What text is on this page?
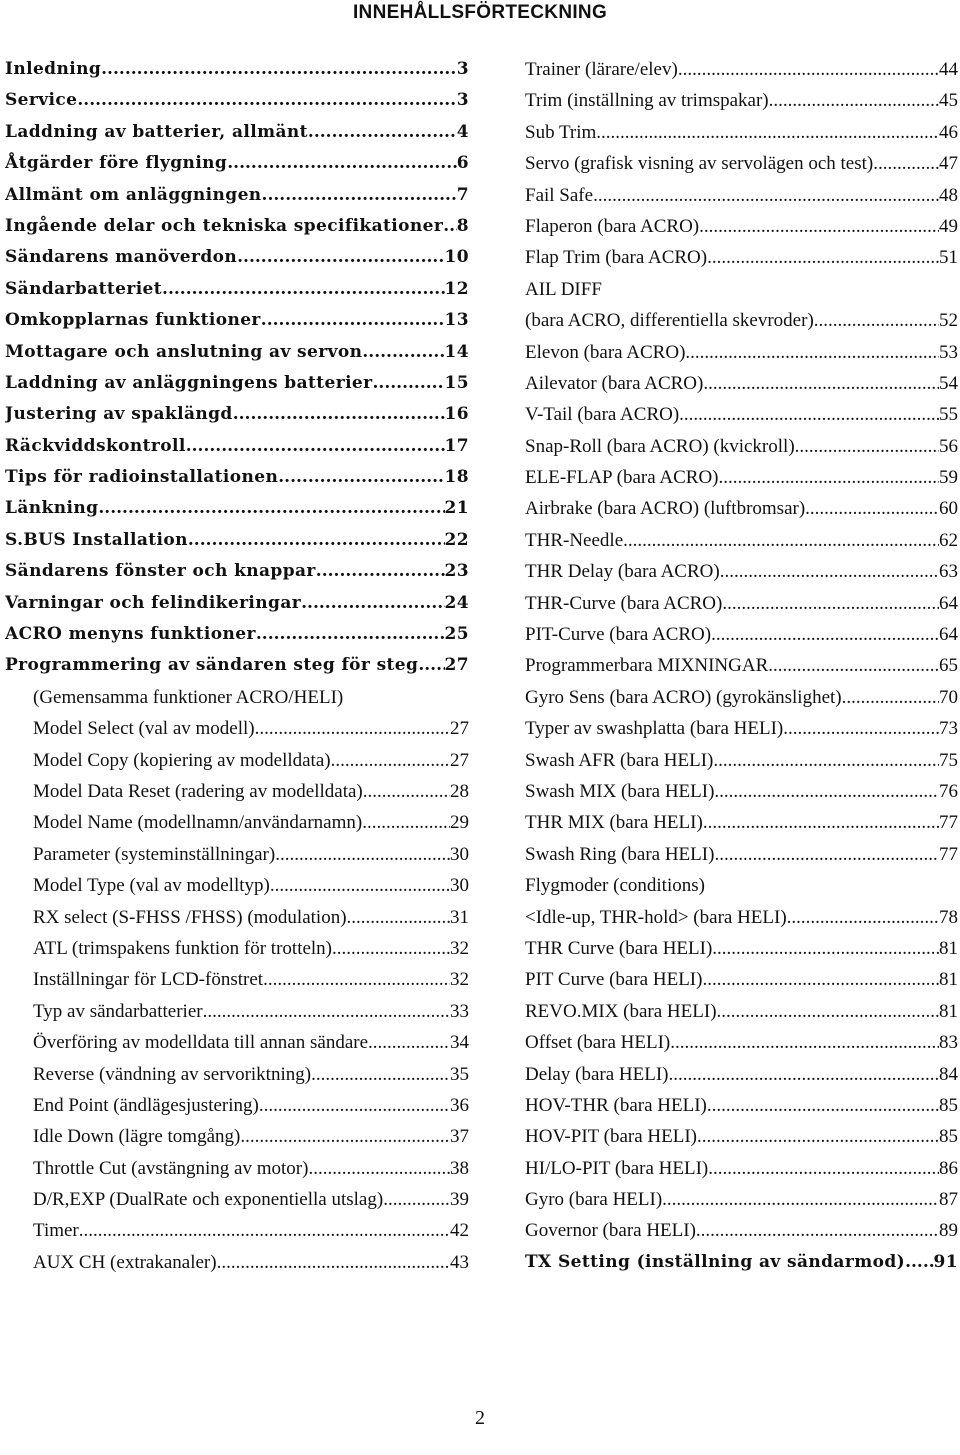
INNEHÅLLSFÖRTECKNING
Inledning .....	3
Service .....	3
Laddning av batterier, allmänt .....	4
Åtgärder före flygning .....	6
Allmänt om anläggningen .....	7
Ingående delar och tekniska specifikationer ..... 8
Sändarens manöverdon .....	10
Sändarbatteriet .....	12
Omkopplarnas funktioner .....	13
Mottagare och anslutning av servon .....	14
Laddning av anläggningens batterier .....	15
Justering av spaklängd .....	16
Räckviddskontroll .....	17
Tips för radioinstallationen .....	18
Länkning .....	21
S.BUS Installation .....	22
Sändarens fönster och knappar .....	23
Varningar och felindikeringar .....	24
ACRO menyns funktioner .....	25
Programmering av sändaren steg för steg ..... 27
(Gemensamma funktioner ACRO/HELI)
Model Select (val av modell) .....	27
Model Copy (kopiering av modelldata) .....	27
Model Data Reset (radering av modelldata) .....	28
Model Name (modellnamn/användarnamn) .....	29
Parameter (systeminställningar) .....	30
Model Type (val av modelltyp) .....	30
RX select (S-FHSS /FHSS) (modulation) .....	31
ATL (trimspakens funktion för trotteln) .....	32
Inställningar för LCD-fönstret .....	32
Typ av sändarbatterier .....	33
Överföring av modelldata till annan sändare .....	34
Reverse (vändning av servoriktning) .....	35
End Point (ändlägesjustering) .....	36
Idle Down (lägre tomgång) .....	37
Throttle Cut (avstängning av motor) .....	38
D/R,EXP (DualRate och exponentiella utslag) .....	39
Timer .....	42
AUX CH (extrakanaler) .....	43
Trainer (lärare/elev) .....	44
Trim (inställning av trimspakar) .....	45
Sub Trim .....	46
Servo (grafisk visning av servolägen och test) .....	47
Fail Safe .....	48
Flaperon (bara ACRO) .....	49
Flap Trim (bara ACRO) .....	51
AIL DIFF
(bara ACRO, differentiella skevroder) .....	52
Elevon (bara ACRO) .....	53
Ailevator (bara ACRO) .....	54
V-Tail (bara ACRO) .....	55
Snap-Roll (bara ACRO) (kvickroll) .....	56
ELE-FLAP (bara ACRO) .....	59
Airbrake (bara ACRO) (luftbromsar) .....	60
THR-Needle .....	62
THR Delay (bara ACRO) .....	63
THR-Curve (bara ACRO) .....	64
PIT-Curve (bara ACRO) .....	64
Programmerbara MIXNINGAR .....	65
Gyro Sens (bara ACRO) (gyrokänslighet) .....	70
Typer av swashplatta (bara HELI) .....	73
Swash AFR (bara HELI) .....	75
Swash MIX (bara HELI) .....	76
THR MIX (bara HELI) .....	77
Swash Ring (bara HELI) .....	77
Flygmoder (conditions)
<Idle-up, THR-hold> (bara HELI) .....	78
THR Curve (bara HELI) .....	81
PIT Curve (bara HELI) .....	81
REVO.MIX (bara HELI) .....	81
Offset (bara HELI) .....	83
Delay (bara HELI) .....	84
HOV-THR (bara HELI) .....	85
HOV-PIT (bara HELI) .....	85
HI/LO-PIT (bara HELI) .....	86
Gyro (bara HELI) .....	87
Governor (bara HELI) .....	89
TX Setting (inställning av sändarmod) ..... 91
2
